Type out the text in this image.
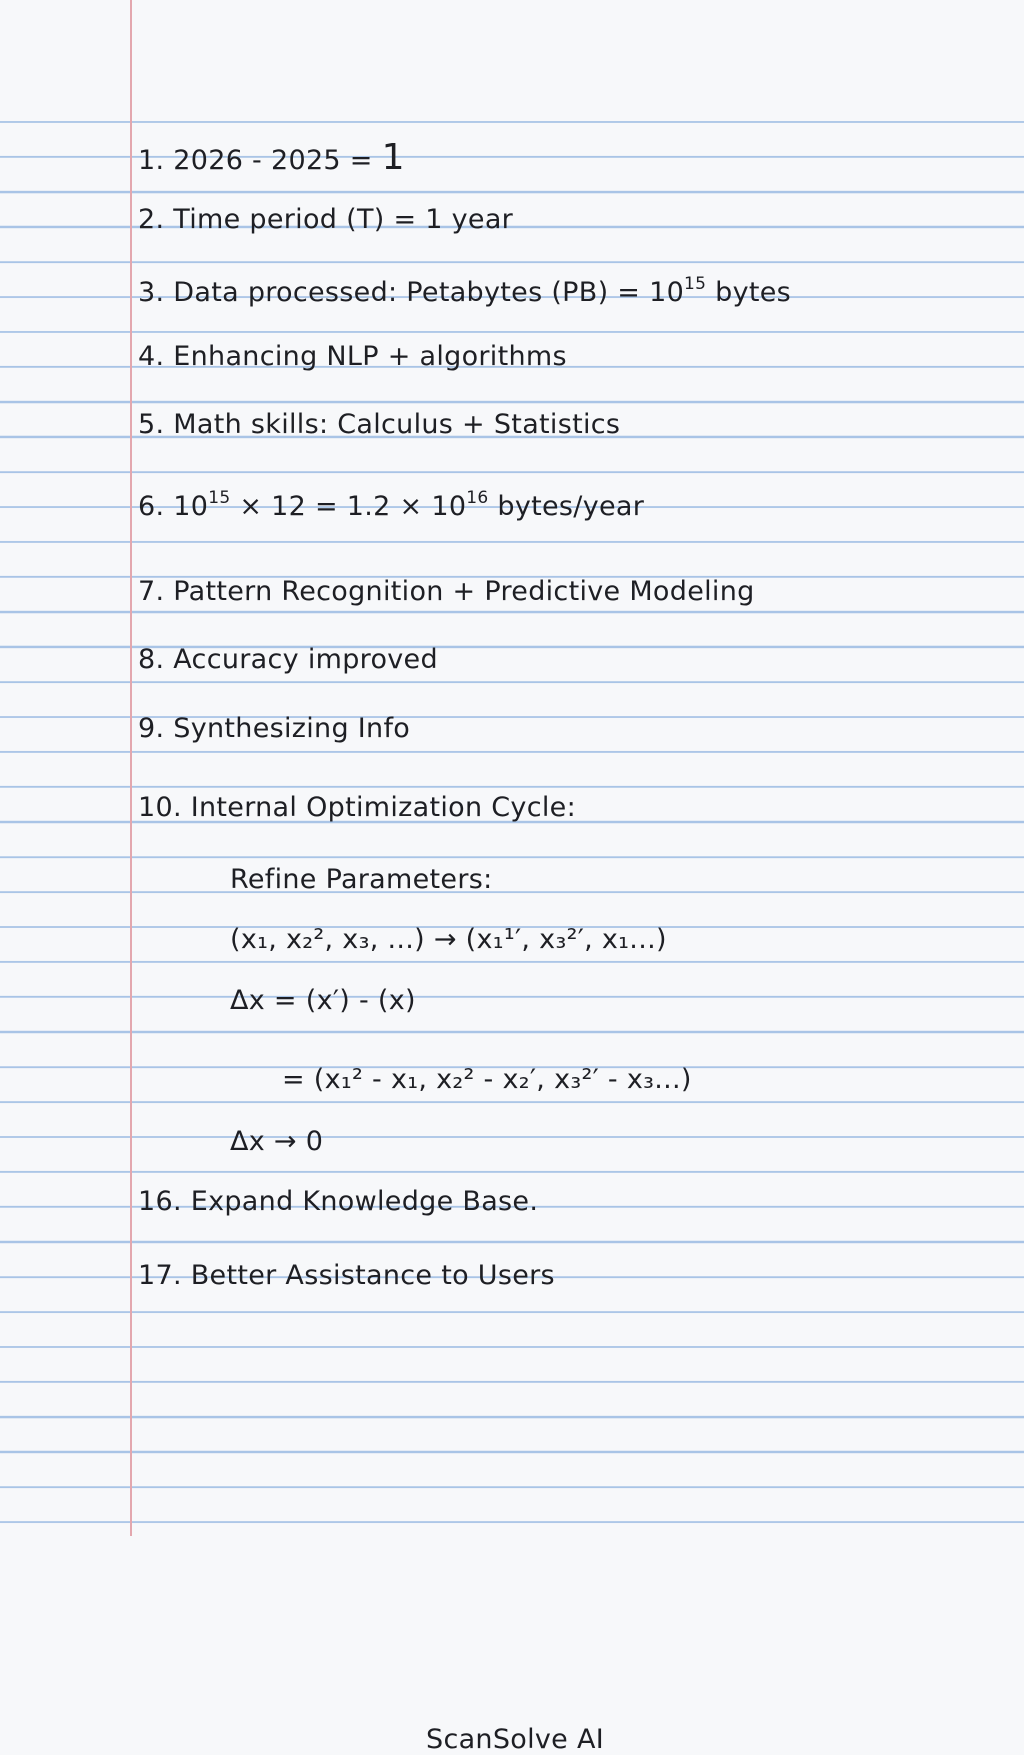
1. 2026 - 2025 = 1
2. Time period (T) = 1 year
3. Data processed: Petabytes $(PB) = 10^{15}$ bytes
4. Enhancing NLP + algorithms
5. Math skills: Calculus + Statistics
6. $10^{15} \times 12 = 1.2 \times 10^{16}$ bytes/year
7. Pattern Recognition + Predictive Modeling
8. Accuracy improved
9. Synthesizing Info
10. Internal Optimization Cycle:
Refine Parameters:
(x₁, x₂², x₃, ...) → (x₁¹′, x₃²′, x₁...)
Δx = (x′) - (x)
= (x₁² - x₁, x₂² - x₂′, x₃²′ - x₃...)
Δx → 0
16. Expand Knowledge Base.
17. Better Assistance to Users
ScanSolve AI
